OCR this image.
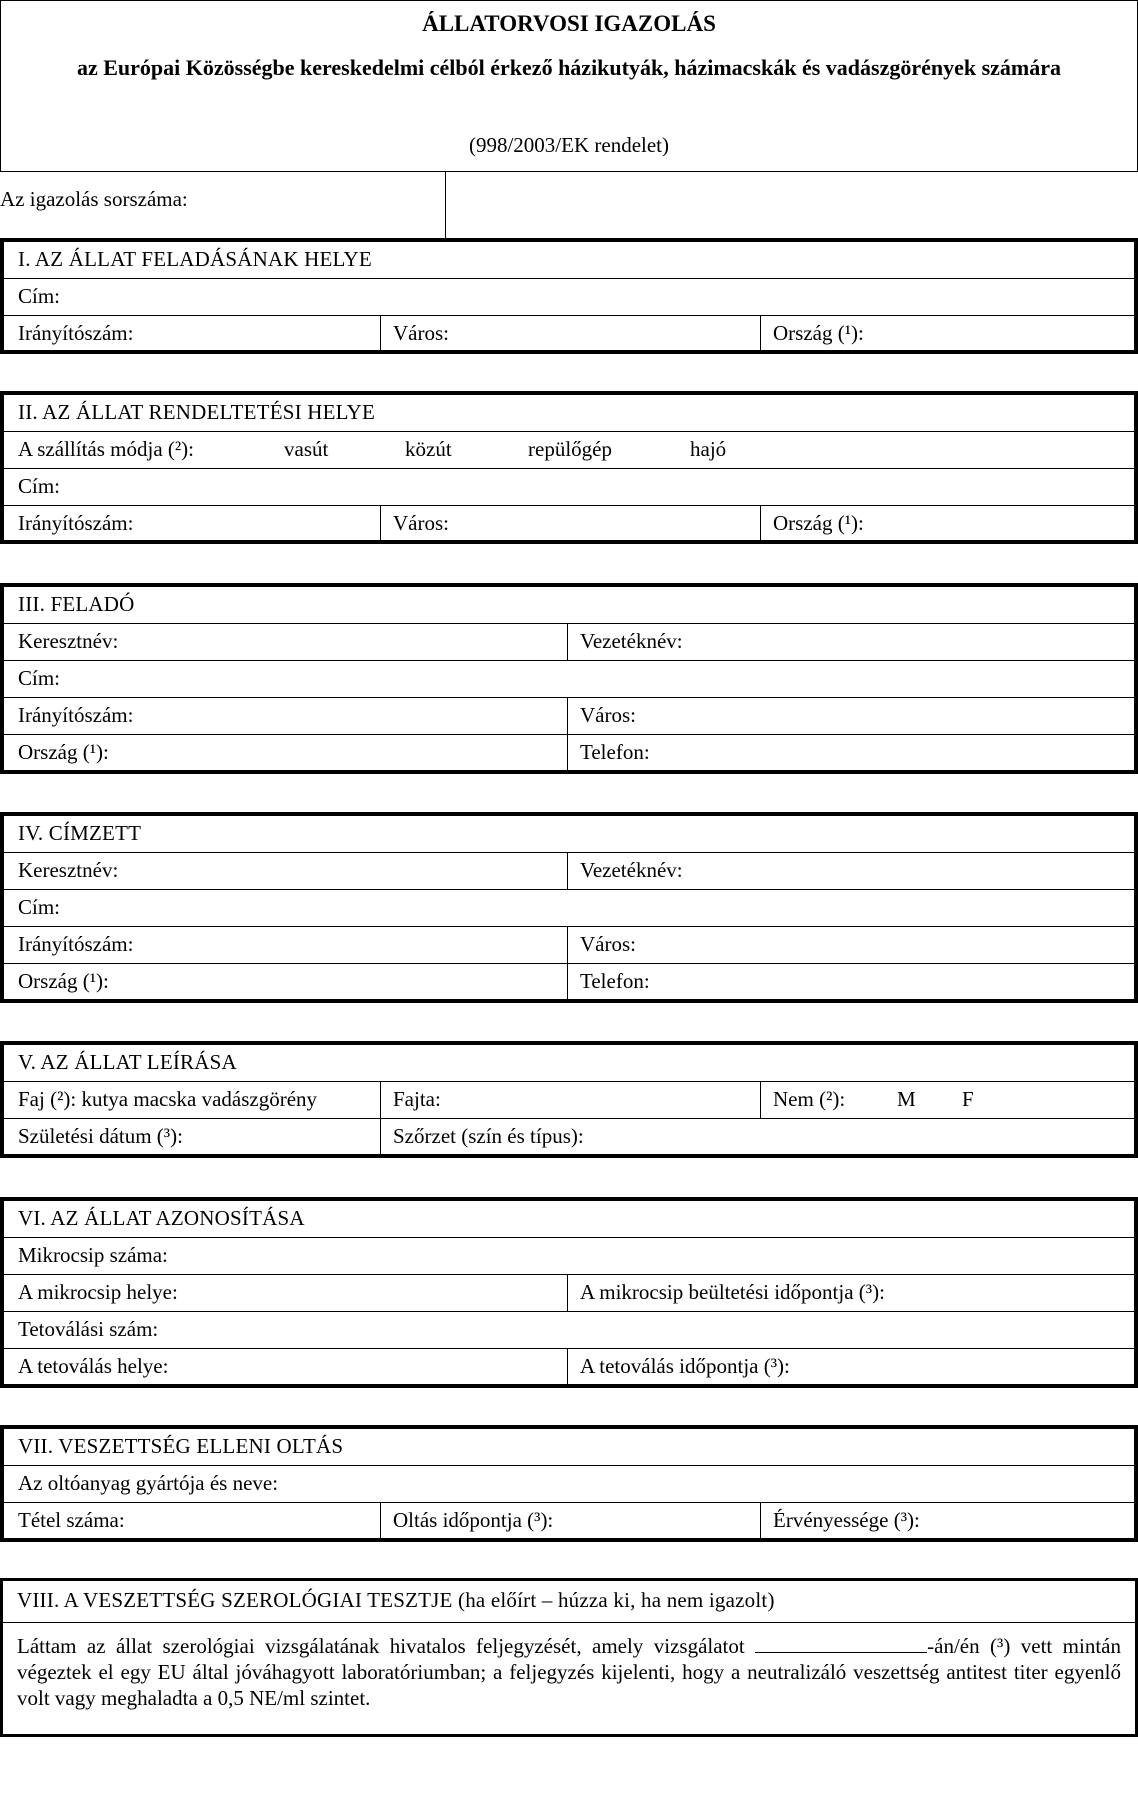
ÁLLATORVOSI IGAZOLÁS
az Európai Közösségbe kereskedelmi célból érkező házikutyák, házimacskák és vadászgörények számára
(998/2003/EK rendelet)
Az igazolás sorszáma:
I. AZ ÁLLAT FELADÁSÁNAK HELYE
Cím:
Irányítószám:	Város:	Ország (¹):
II. AZ ÁLLAT RENDELTETÉSI HELYE
A szállítás módja (²):	vasút	közút	repülőgép	hajó
Cím:
Irányítószám:	Város:	Ország (¹):
III. FELADÓ
Keresztnév:	Vezetéknév:
Cím:
Irányítószám:	Város:
Ország (¹):	Telefon:
IV. CÍMZETT
Keresztnév:	Vezetéknév:
Cím:
Irányítószám:	Város:
Ország (¹):	Telefon:
V. AZ ÁLLAT LEÍRÁSA
Faj (²): kutya macska vadászgörény	Fajta:	Nem (²): M F
Születési dátum (³):	Szőrzet (szín és típus):
VI. AZ ÁLLAT AZONOSÍTÁSA
Mikrocsip száma:
A mikrocsip helye:	A mikrocsip beültetési időpontja (³):
Tetoválási szám:
A tetoválás helye:	A tetoválás időpontja (³):
VII. VESZETTSÉG ELLENI OLTÁS
Az oltóanyag gyártója és neve:
Tétel száma:	Oltás időpontja (³):	Érvényessége (³):
VIII. A VESZETTSÉG SZEROLÓGIAI TESZTJE (ha előírt – húzza ki, ha nem igazolt)
Láttam az állat szerológiai vizsgálatának hivatalos feljegyzését, amely vizsgálatot	-án/én (³) vett mintán végeztek el egy EU által jóváhagyott laboratóriumban; a feljegyzés kijelenti, hogy a neutralizáló veszettség antitest titer egyenlő volt vagy meghaladta a 0,5 NE/ml szintet.
